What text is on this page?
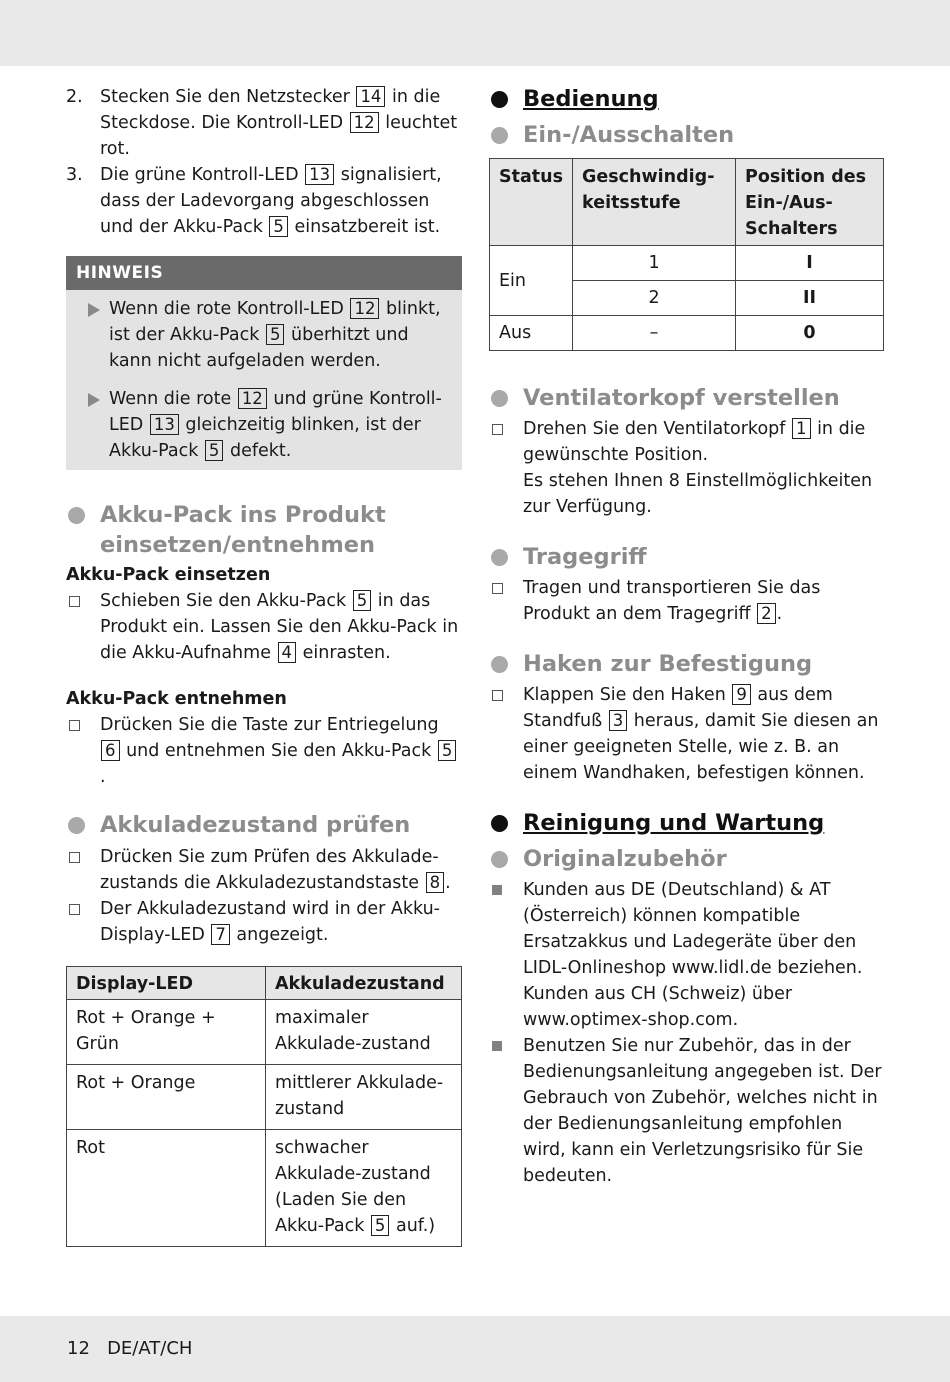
2. Stecken Sie den Netzstecker 14 in die Steckdose. Die Kontroll-LED 12 leuchtet rot.
3. Die grüne Kontroll-LED 13 signalisiert, dass der Ladevorgang abgeschlossen und der Akku-Pack 5 einsatzbereit ist.
HINWEIS
Wenn die rote Kontroll-LED 12 blinkt, ist der Akku-Pack 5 überhitzt und kann nicht aufgeladen werden.
Wenn die rote 12 und grüne Kontroll-LED 13 gleichzeitig blinken, ist der Akku-Pack 5 defekt.
Akku-Pack ins Produkt
einsetzen/entnehmen
Akku-Pack einsetzen
Schieben Sie den Akku-Pack 5 in das Produkt ein. Lassen Sie den Akku-Pack in die Akku-Aufnahme 4 einrasten.
Akku-Pack entnehmen
Drücken Sie die Taste zur Entriegelung 6 und entnehmen Sie den Akku-Pack 5.
Akkuladezustand prüfen
Drücken Sie zum Prüfen des Akkulade-zustands die Akkuladezustandstaste 8 .
Der Akkuladezustand wird in der Akku-Display-LED 7 angezeigt.
Display-LED	Akkuladezustand
Rot + Orange + Grün	maximaler Akkulade-zustand
Rot + Orange	mittlerer Akkulade-zustand
Rot	schwacher Akkulade-zustand (Laden Sie den Akku-Pack 5 auf.)
Bedienung
Ein-/Ausschalten
Status	Geschwindig-keitsstufe	Position des Ein-/Aus-Schalters
Ein	1	I
	2	II
Aus	–	0
Ventilatorkopf verstellen
Drehen Sie den Ventilatorkopf 1 in die gewünschte Position.
Es stehen Ihnen 8 Einstellmöglichkeiten zur Verfügung.
Tragegriff
Tragen und transportieren Sie das Produkt an dem Tragegriff 2 .
Haken zur Befestigung
Klappen Sie den Haken 9 aus dem Standfuß 3 heraus, damit Sie diesen an einer geeigneten Stelle, wie z. B. an einem Wandhaken, befestigen können.
Reinigung und Wartung
Originalzubehör
Kunden aus DE (Deutschland) & AT (Österreich) können kompatible Ersatzakkus und Ladegeräte über den LIDL-Onlineshop www.lidl.de beziehen. Kunden aus CH (Schweiz) über www.optimex-shop.com.
Benutzen Sie nur Zubehör, das in der Bedienungsanleitung angegeben ist. Der Gebrauch von Zubehör, welches nicht in der Bedienungsanleitung empfohlen wird, kann ein Verletzungsrisiko für Sie bedeuten.
12   DE/AT/CH
